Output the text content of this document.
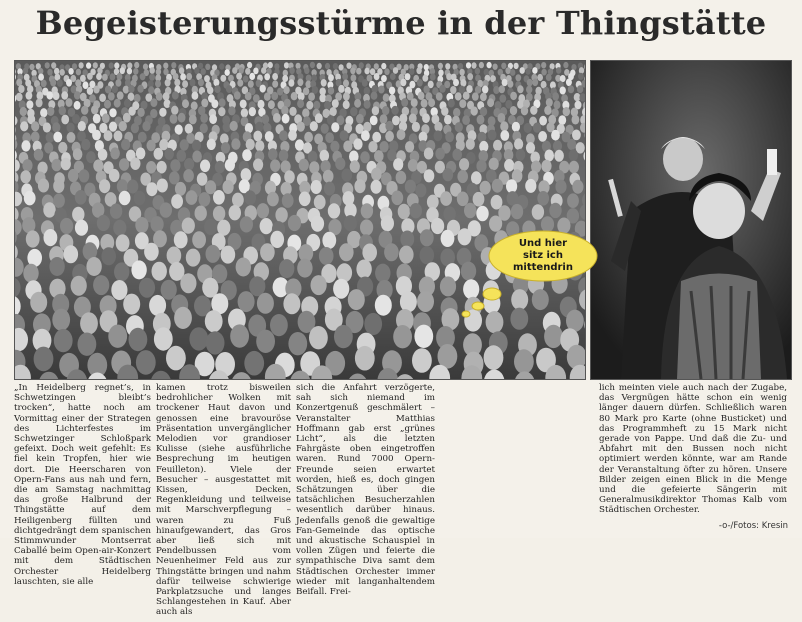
Begeisterungsstürme in der Thingstätte
Und hier
sitz ich
mittendrin

„In Heidelberg regnet’s, in Schwetzingen bleibt’s trocken“, hatte noch am Vormittag einer der Strategen des Lichterfestes im Schwetzinger Schloßpark gefeixt. Doch weit gefehlt: Es fiel kein Tropfen, hier wie dort. Die Heerscharen von Opern-Fans aus nah und fern, die am Samstag nachmittag das große Halbrund der Thingstätte auf dem Heiligenberg füllten und dichtgedrängt dem spanischen Stimmwunder Montserrat Caballé beim Open-air-Konzert mit dem Städtischen Orchester Heidelberg lauschten, sie alle

kamen trotz bisweilen bedrohlicher Wolken mit trockener Haut davon und genossen eine bravouröse Präsentation unvergänglicher Melodien vor grandioser Kulisse (siehe ausführliche Besprechung im heutigen Feuilleton). Viele der Besucher – ausgestattet mit Kissen, Decken, Regenkleidung und teilweise mit Marschverpflegung – waren zu Fuß hinaufgewandert, das Gros aber ließ sich mit Pendelbussen vom Neuenheimer Feld aus zur Thingstätte bringen und nahm dafür teilweise schwierige Parkplatzsuche und langes Schlangestehen in Kauf. Aber auch als

sich die Anfahrt verzögerte, sah sich niemand im Konzertgenuß geschmälert – Veranstalter Matthias Hoffmann gab erst „grünes Licht“, als die letzten Fahrgäste oben eingetroffen waren. Rund 7000 Opern-Freunde seien erwartet worden, hieß es, doch gingen Schätzungen über die tatsächlichen Besucherzahlen wesentlich darüber hinaus. Jedenfalls genoß die gewaltige Fan-Gemeinde das optische und akustische Schauspiel in vollen Zügen und feierte die sympathische Diva samt dem Städtischen Orchester immer wieder mit langanhaltendem Beifall. Frei-

lich meinten viele auch nach der Zugabe, das Vergnügen hätte schon ein wenig länger dauern dürfen. Schließlich waren 80 Mark pro Karte (ohne Busticket) und das Programmheft zu 15 Mark nicht gerade von Pappe. Und daß die Zu- und Abfahrt mit den Bussen noch nicht optimiert werden könnte, war am Rande der Veranstaltung öfter zu hören. Unsere Bilder zeigen einen Blick in die Menge und die gefeierte Sängerin mit Generalmusikdirektor Thomas Kalb vom Städtischen Orchester.

-o-/Fotos: Kresin
